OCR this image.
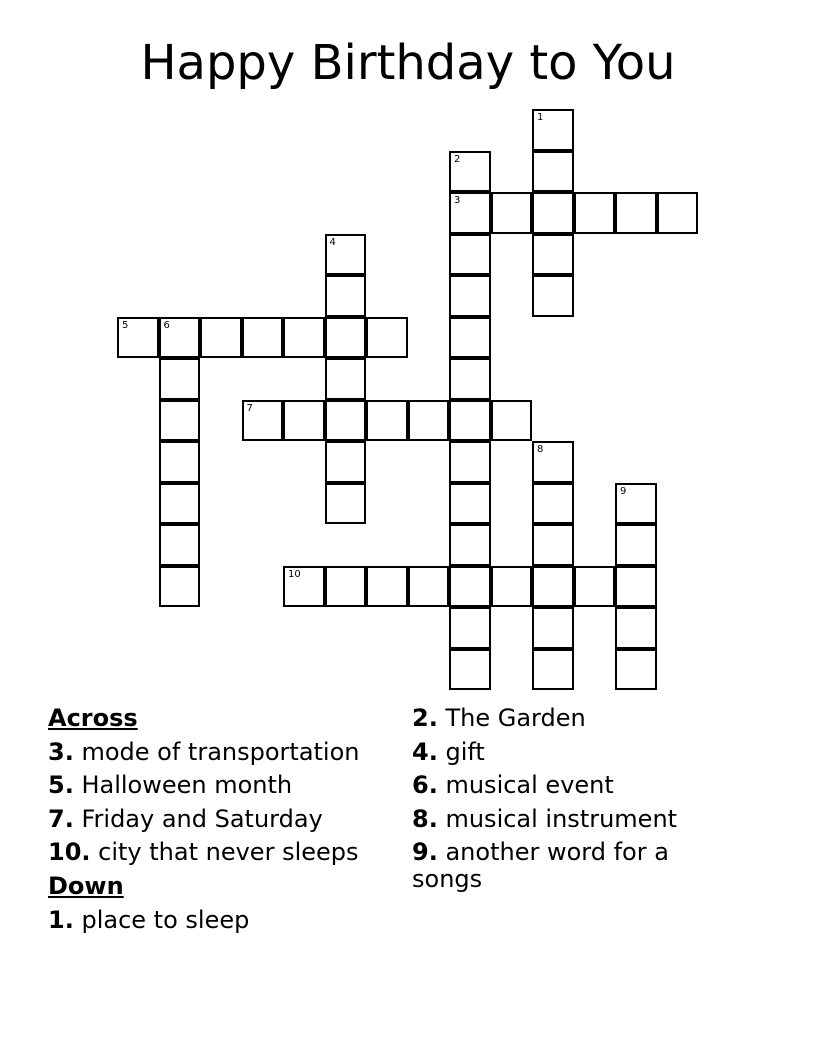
Happy Birthday to You
1
2
3
4
5	6
7
8
9
10

Across

3. mode of transportation

5. Halloween month

7. Friday and Saturday

10. city that never sleeps

Down

1. place to sleep

2. The Garden

4. gift

6. musical event

8. musical instrument

9. another word for a
songs
